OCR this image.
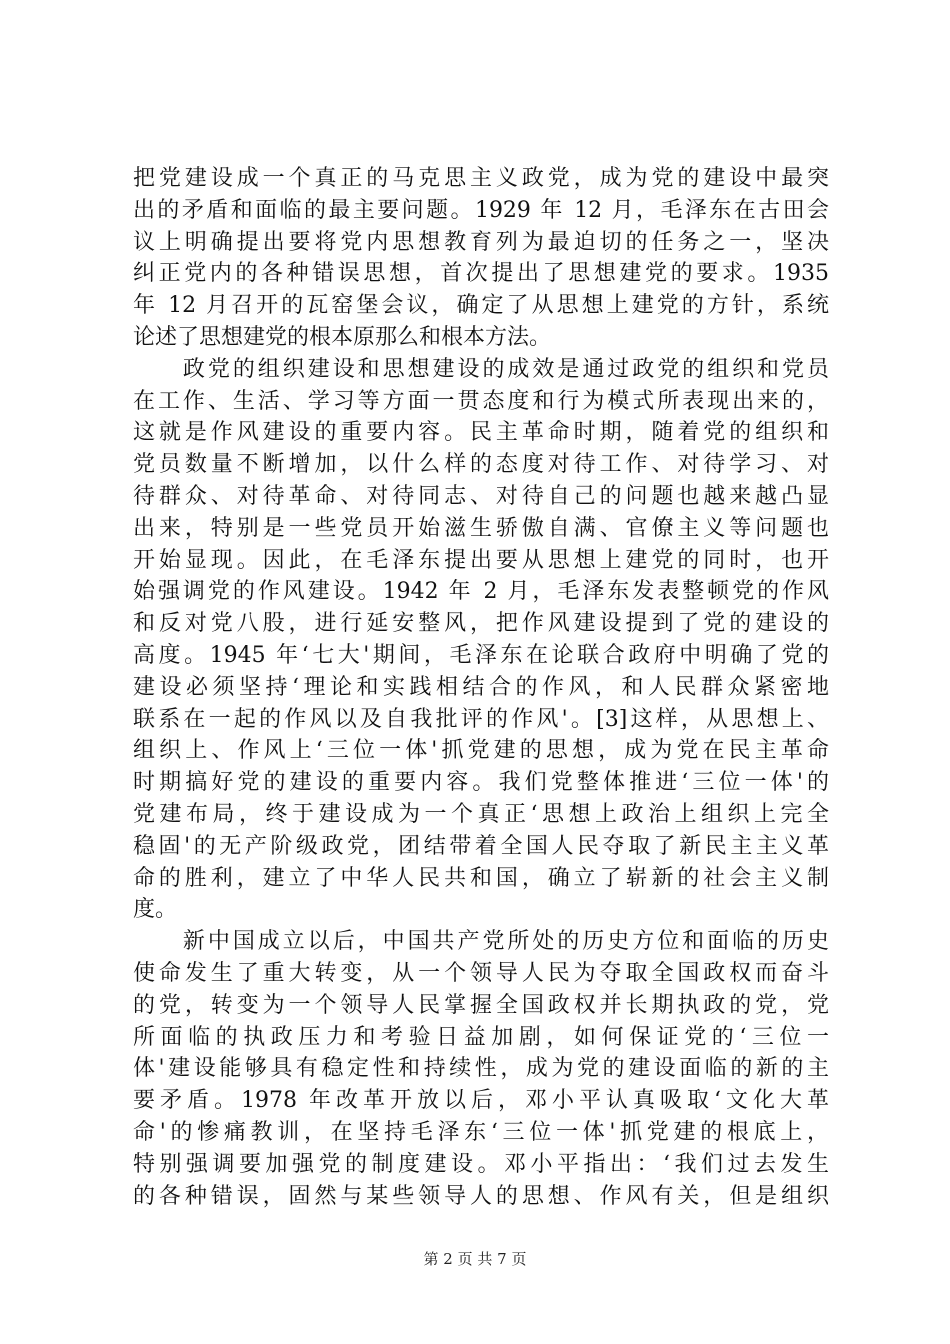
把党建设成一个真正的马克思主义政党，成为党的建设中最突
出的矛盾和面临的最主要问题。1929 年 12 月，毛泽东在古田会
议上明确提出要将党内思想教育列为最迫切的任务之一，坚决
纠正党内的各种错误思想，首次提出了思想建党的要求。1935
年 12 月召开的瓦窑堡会议，确定了从思想上建党的方针，系统
论述了思想建党的根本原那么和根本方法。
　　政党的组织建设和思想建设的成效是通过政党的组织和党员
在工作、生活、学习等方面一贯态度和行为模式所表现出来的，
这就是作风建设的重要内容。民主革命时期，随着党的组织和
党员数量不断增加，以什么样的态度对待工作、对待学习、对
待群众、对待革命、对待同志、对待自己的问题也越来越凸显
出来，特别是一些党员开始滋生骄傲自满、官僚主义等问题也
开始显现。因此，在毛泽东提出要从思想上建党的同时，也开
始强调党的作风建设。1942 年 2 月，毛泽东发表整顿党的作风
和反对党八股，进行延安整风，把作风建设提到了党的建设的
高度。1945 年‘七大'期间，毛泽东在论联合政府中明确了党的
建设必须坚持‘理论和实践相结合的作风，和人民群众紧密地
联系在一起的作风以及自我批评的作风'。[3]这样，从思想上、
组织上、作风上‘三位一体'抓党建的思想，成为党在民主革命
时期搞好党的建设的重要内容。我们党整体推进‘三位一体'的
党建布局，终于建设成为一个真正‘思想上政治上组织上完全
稳固'的无产阶级政党，团结带着全国人民夺取了新民主主义革
命的胜利，建立了中华人民共和国，确立了崭新的社会主义制
度。
　　新中国成立以后，中国共产党所处的历史方位和面临的历史
使命发生了重大转变，从一个领导人民为夺取全国政权而奋斗
的党，转变为一个领导人民掌握全国政权并长期执政的党，党
所面临的执政压力和考验日益加剧，如何保证党的‘三位一
体'建设能够具有稳定性和持续性，成为党的建设面临的新的主
要矛盾。1978 年改革开放以后，邓小平认真吸取‘文化大革
命'的惨痛教训，在坚持毛泽东‘三位一体'抓党建的根底上，
特别强调要加强党的制度建设。邓小平指出：‘我们过去发生
的各种错误，固然与某些领导人的思想、作风有关，但是组织
第 2 页 共 7 页
